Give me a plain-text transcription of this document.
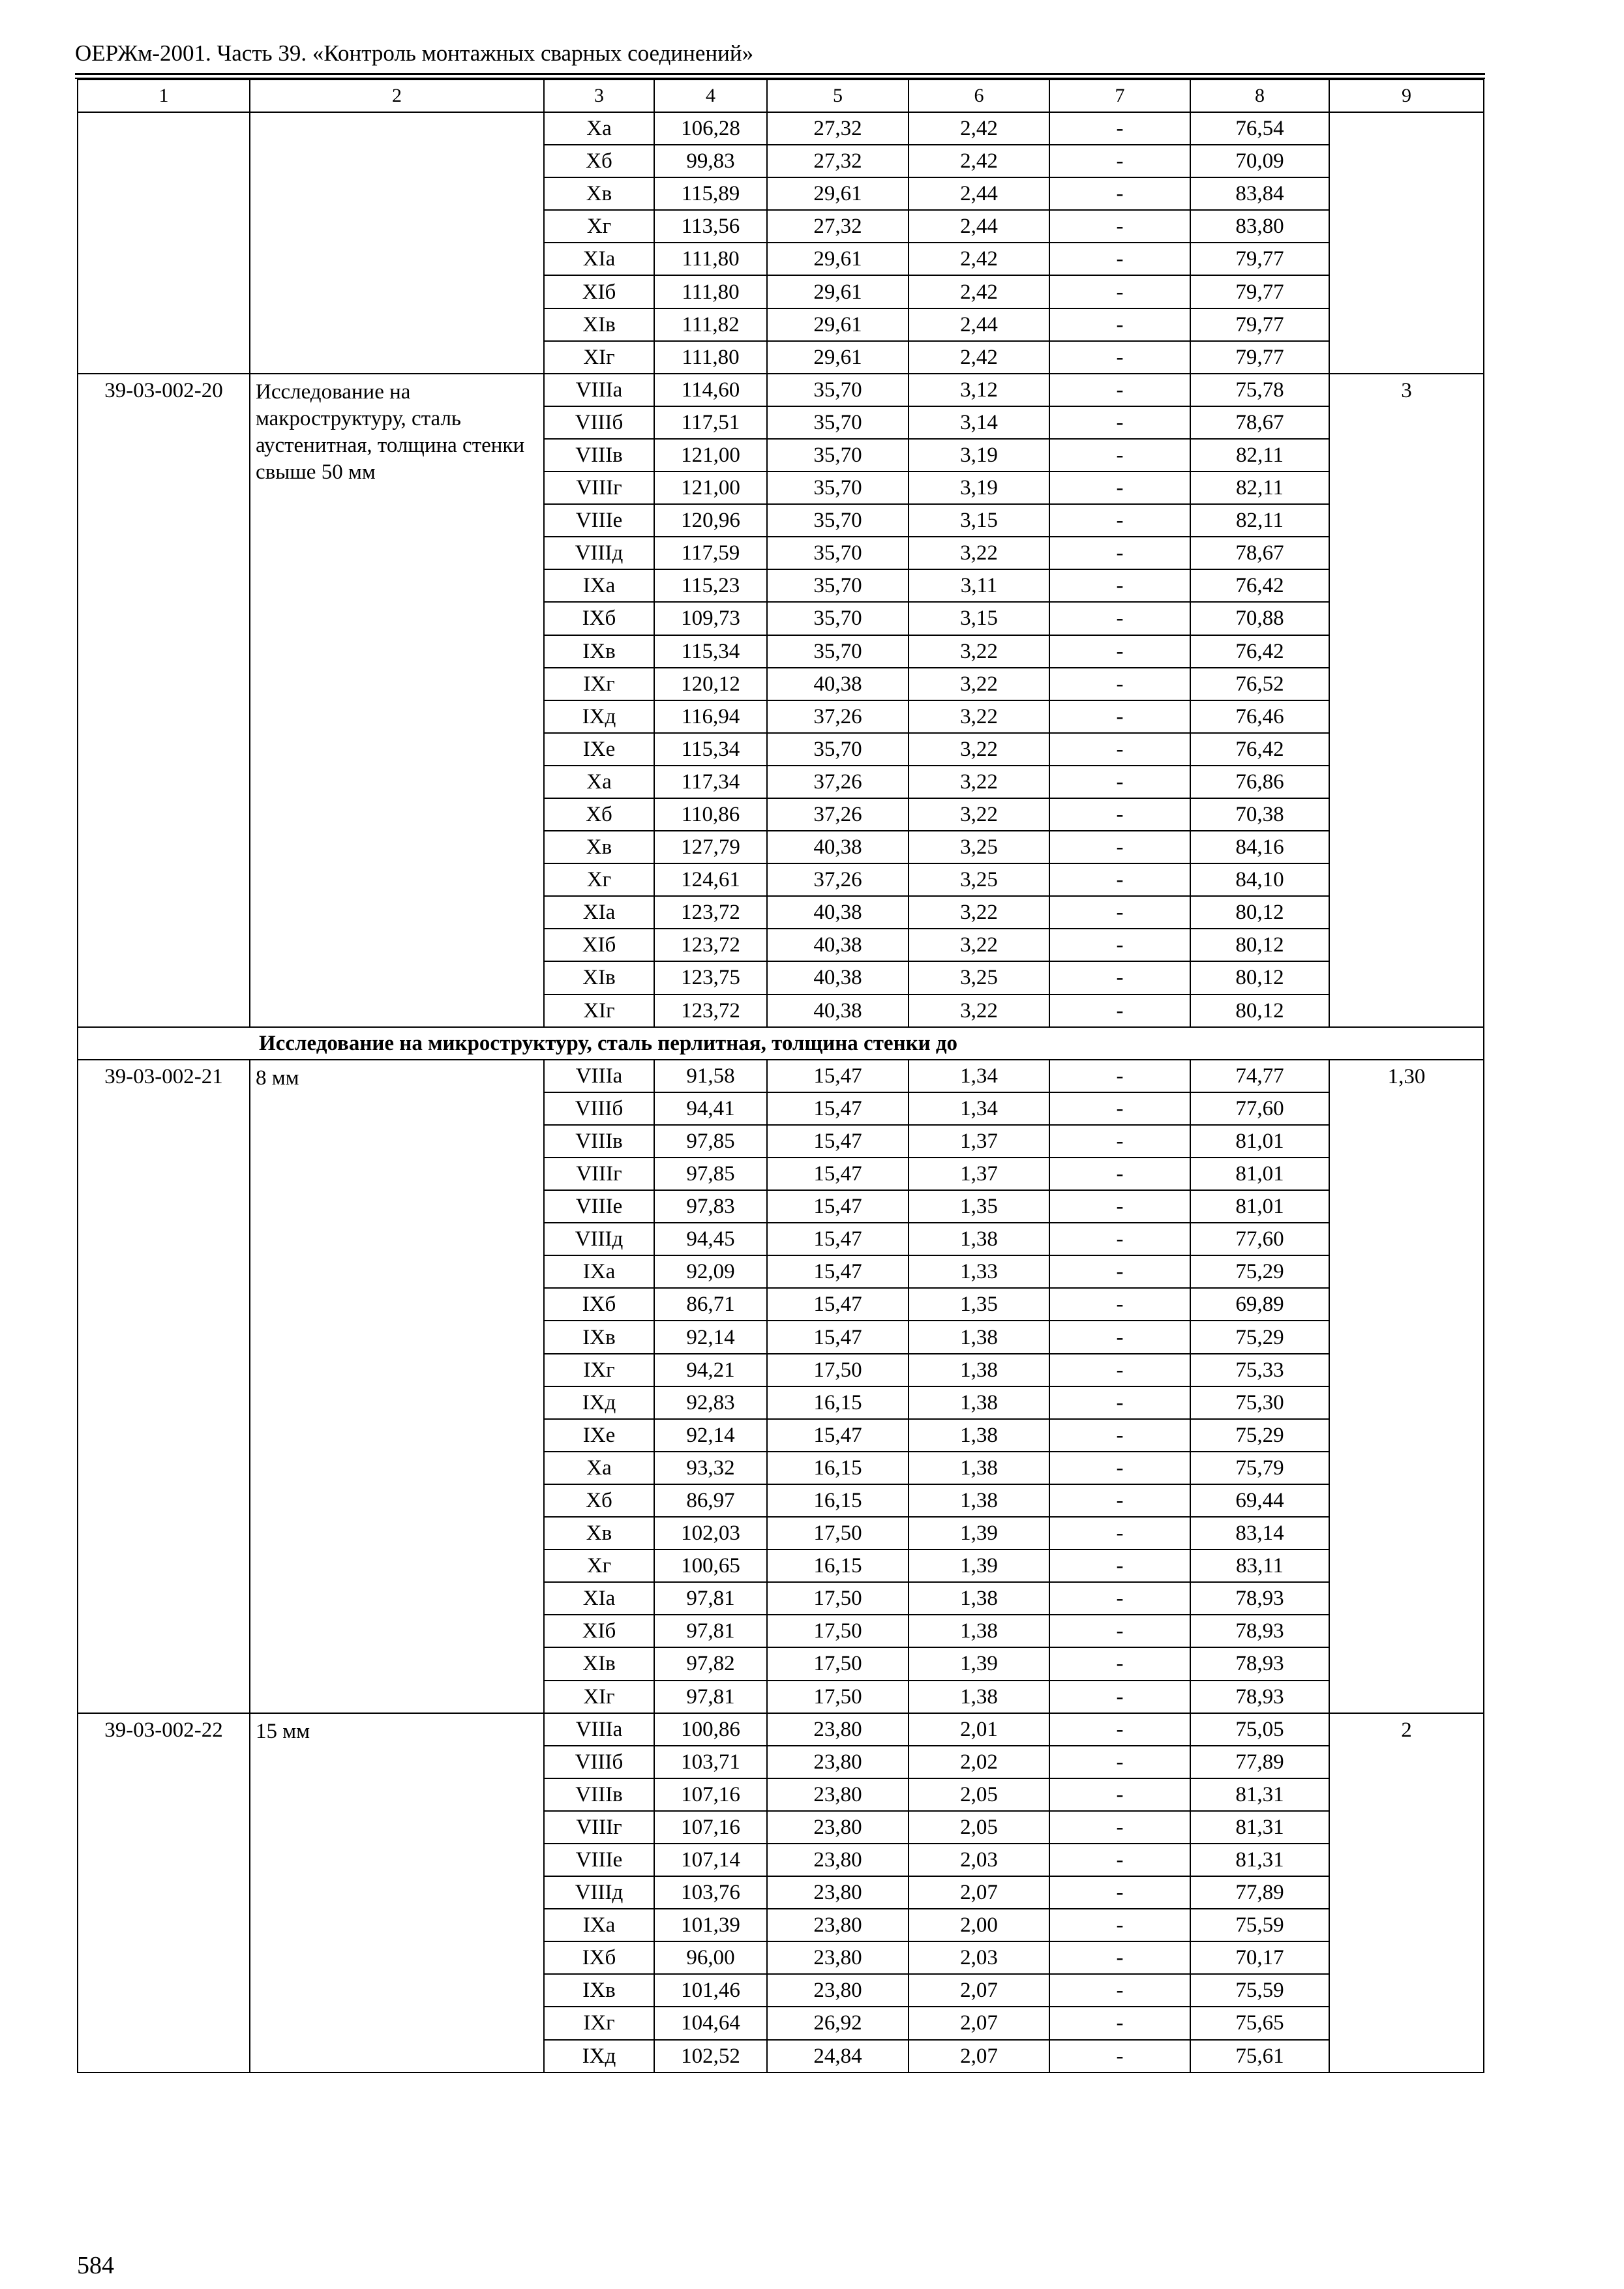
ОЕРЖм-2001. Часть 39. «Контроль монтажных сварных соединений»
1	2	3	4	5	6	7	8	9
		Xа	106,28	27,32	2,42	-	76,54	
		Xб	99,83	27,32	2,42	-	70,09	
		Xв	115,89	29,61	2,44	-	83,84	
		Xг	113,56	27,32	2,44	-	83,80	
		XIа	111,80	29,61	2,42	-	79,77	
		XIб	111,80	29,61	2,42	-	79,77	
		XIв	111,82	29,61	2,44	-	79,77	
		XIг	111,80	29,61	2,42	-	79,77	
39-03-002-20	Исследование на макроструктуру, сталь аустенитная, толщина стенки свыше 50 мм	VIIIа	114,60	35,70	3,12	-	75,78	3
		VIIIб	117,51	35,70	3,14	-	78,67	
		VIIIв	121,00	35,70	3,19	-	82,11	
		VIIIг	121,00	35,70	3,19	-	82,11	
		VIIIе	120,96	35,70	3,15	-	82,11	
		VIIIд	117,59	35,70	3,22	-	78,67	
		IXа	115,23	35,70	3,11	-	76,42	
		IXб	109,73	35,70	3,15	-	70,88	
		IXв	115,34	35,70	3,22	-	76,42	
		IXг	120,12	40,38	3,22	-	76,52	
		IXд	116,94	37,26	3,22	-	76,46	
		IXе	115,34	35,70	3,22	-	76,42	
		Xа	117,34	37,26	3,22	-	76,86	
		Xб	110,86	37,26	3,22	-	70,38	
		Xв	127,79	40,38	3,25	-	84,16	
		Xг	124,61	37,26	3,25	-	84,10	
		XIа	123,72	40,38	3,22	-	80,12	
		XIб	123,72	40,38	3,22	-	80,12	
		XIв	123,75	40,38	3,25	-	80,12	
		XIг	123,72	40,38	3,22	-	80,12	
Исследование на микроструктуру, сталь перлитная, толщина стенки до								
39-03-002-21	8 мм	VIIIа	91,58	15,47	1,34	-	74,77	1,30
		VIIIб	94,41	15,47	1,34	-	77,60	
		VIIIв	97,85	15,47	1,37	-	81,01	
		VIIIг	97,85	15,47	1,37	-	81,01	
		VIIIе	97,83	15,47	1,35	-	81,01	
		VIIIд	94,45	15,47	1,38	-	77,60	
		IXа	92,09	15,47	1,33	-	75,29	
		IXб	86,71	15,47	1,35	-	69,89	
		IXв	92,14	15,47	1,38	-	75,29	
		IXг	94,21	17,50	1,38	-	75,33	
		IXд	92,83	16,15	1,38	-	75,30	
		IXе	92,14	15,47	1,38	-	75,29	
		Xа	93,32	16,15	1,38	-	75,79	
		Xб	86,97	16,15	1,38	-	69,44	
		Xв	102,03	17,50	1,39	-	83,14	
		Xг	100,65	16,15	1,39	-	83,11	
		XIа	97,81	17,50	1,38	-	78,93	
		XIб	97,81	17,50	1,38	-	78,93	
		XIв	97,82	17,50	1,39	-	78,93	
		XIг	97,81	17,50	1,38	-	78,93	
39-03-002-22	15 мм	VIIIа	100,86	23,80	2,01	-	75,05	2
		VIIIб	103,71	23,80	2,02	-	77,89	
		VIIIв	107,16	23,80	2,05	-	81,31	
		VIIIг	107,16	23,80	2,05	-	81,31	
		VIIIе	107,14	23,80	2,03	-	81,31	
		VIIIд	103,76	23,80	2,07	-	77,89	
		IXа	101,39	23,80	2,00	-	75,59	
		IXб	96,00	23,80	2,03	-	70,17	
		IXв	101,46	23,80	2,07	-	75,59	
		IXг	104,64	26,92	2,07	-	75,65	
		IXд	102,52	24,84	2,07	-	75,61	
584
